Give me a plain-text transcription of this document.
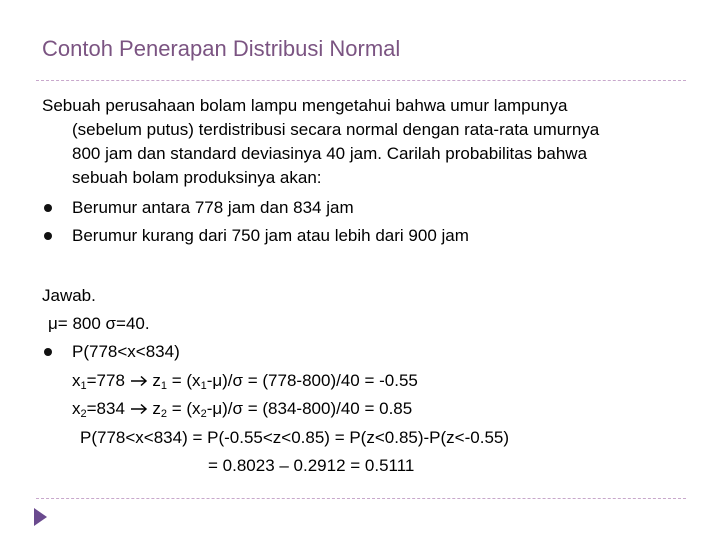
Contoh Penerapan Distribusi Normal
Sebuah perusahaan bolam lampu mengetahui bahwa umur lampunya
(sebelum putus) terdistribusi secara normal dengan rata-rata umurnya
800 jam dan standard deviasinya 40 jam. Carilah probabilitas bahwa
sebuah bolam produksinya akan:
Berumur antara 778 jam dan 834 jam
Berumur kurang dari 750 jam atau lebih dari 900 jam
Jawab.
μ= 800 σ=40.
P(778<x<834)
$x_1=778$ $z_1 = (x_1-\mu)/\sigma = (778-800)/40 = -0.55$
$x_2=834$ $z_2 = (x_2-\mu)/\sigma = (834-800)/40 = 0.85$
P(778<x<834) = P(-0.55<z<0.85) = P(z<0.85)-P(z<-0.55)
= 0.8023 – 0.2912 = 0.5111
